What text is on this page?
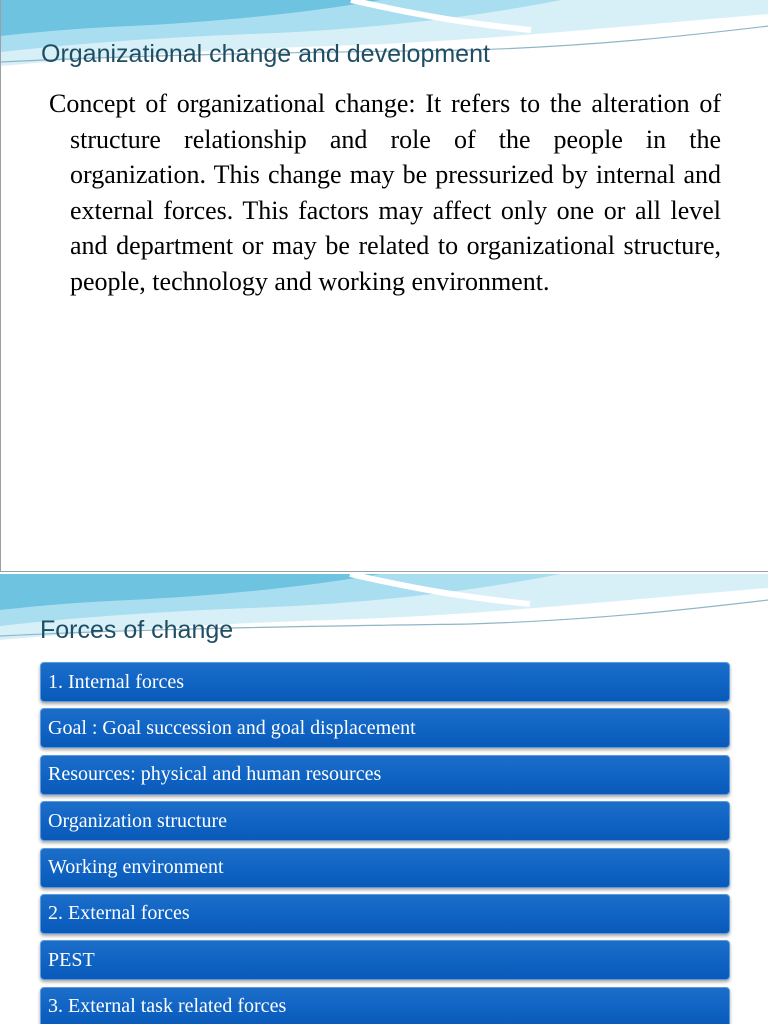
Organizational change and development

Concept of organizational change: It refers to the alteration of structure relationship and role of the people in the organization. This change may be pressurized by internal and external forces. This factors may affect only one or all level and department or may be related to organizational structure, people, technology and working environment.

Forces of change
1. Internal forces
Goal : Goal succession and goal displacement
Resources: physical and human resources
Organization structure
Working environment
2. External forces
PEST
3. External task related forces
